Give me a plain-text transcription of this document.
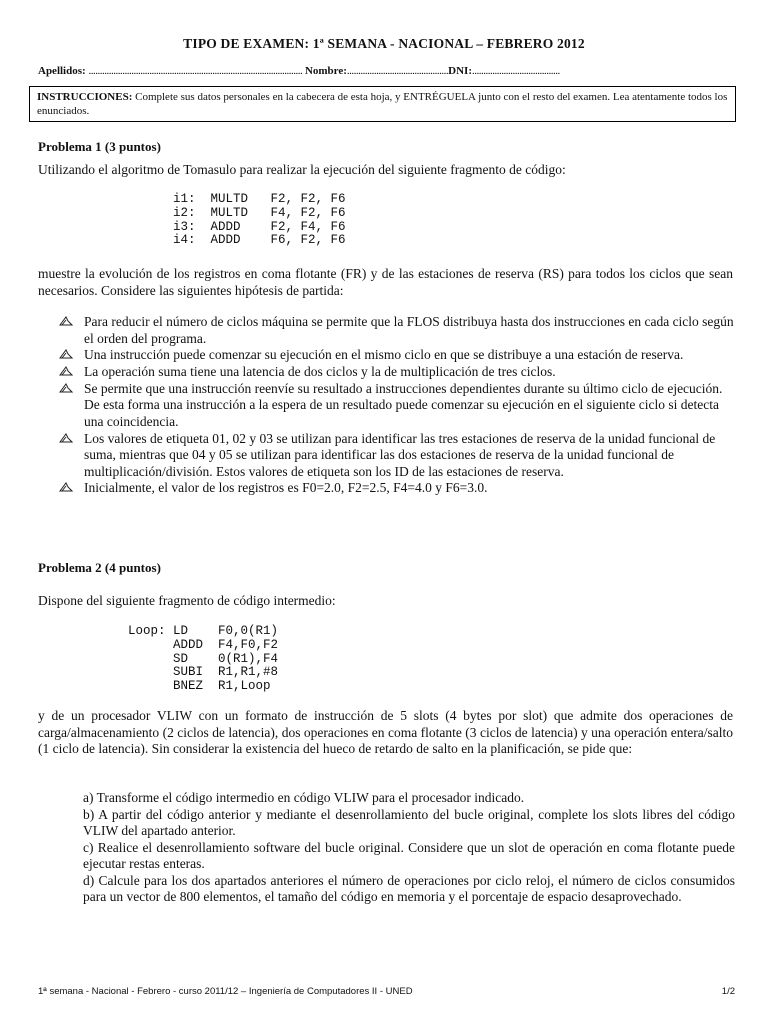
TIPO DE EXAMEN: 1ª SEMANA - NACIONAL – FEBRERO 2012
Apellidos: ............................................................................................... Nombre:.............................................DNI:.......................................
INSTRUCCIONES: Complete sus datos personales en la cabecera de esta hoja, y ENTRÉGUELA junto con el resto del examen. Lea atentamente todos los enunciados.
Problema 1 (3 puntos)
Utilizando el algoritmo de Tomasulo para realizar la ejecución del siguiente fragmento de código:
i1:  MULTD   F2, F2, F6
i2:  MULTD   F4, F2, F6
i3:  ADDD    F2, F4, F6
i4:  ADDD    F6, F2, F6
muestre la evolución de los registros en coma flotante (FR) y de las estaciones de reserva (RS) para todos los ciclos que sean necesarios. Considere las siguientes hipótesis de partida:
Para reducir el número de ciclos máquina se permite que la FLOS distribuya hasta dos instrucciones en cada ciclo según el orden del programa.
Una instrucción puede comenzar su ejecución en el mismo ciclo en que se distribuye a una estación de reserva.
La operación suma tiene una latencia de dos ciclos y la de multiplicación de tres ciclos.
Se permite que una instrucción reenvíe su resultado a instrucciones dependientes durante su último ciclo de ejecución. De esta forma una instrucción a la espera de un resultado puede comenzar su ejecución en el siguiente ciclo si detecta una coincidencia.
Los valores de etiqueta 01, 02 y 03 se utilizan para identificar las tres estaciones de reserva de la unidad funcional de suma, mientras que 04 y 05 se utilizan para identificar las dos estaciones de reserva de la unidad funcional de multiplicación/división. Estos valores de etiqueta son los ID de las estaciones de reserva.
Inicialmente, el valor de los registros es F0=2.0, F2=2.5, F4=4.0 y F6=3.0.
Problema 2 (4 puntos)
Dispone del siguiente fragmento de código intermedio:
Loop: LD    F0,0(R1)
ADDD  F4,F0,F2
SD    0(R1),F4
SUBI  R1,R1,#8
BNEZ  R1,Loop
y de un procesador VLIW con un formato de instrucción de 5 slots (4 bytes por slot) que admite dos operaciones de carga/almacenamiento (2 ciclos de latencia), dos operaciones en coma flotante (3 ciclos de latencia) y una operación entera/salto (1 ciclo de latencia). Sin considerar la existencia del hueco de retardo de salto en la planificación, se pide que:
a) Transforme el código intermedio en código VLIW para el procesador indicado.
b) A partir del código anterior y mediante el desenrollamiento del bucle original, complete los slots libres del código VLIW del apartado anterior.
c) Realice el desenrollamiento software del bucle original. Considere que un slot de operación en coma flotante puede ejecutar restas enteras.
d) Calcule para los dos apartados anteriores el número de operaciones por ciclo reloj, el número de ciclos consumidos para un vector de 800 elementos, el tamaño del código en memoria y el porcentaje de espacio desaprovechado.
1ª semana - Nacional - Febrero - curso 2011/12 – Ingeniería de Computadores II - UNED	1/2
